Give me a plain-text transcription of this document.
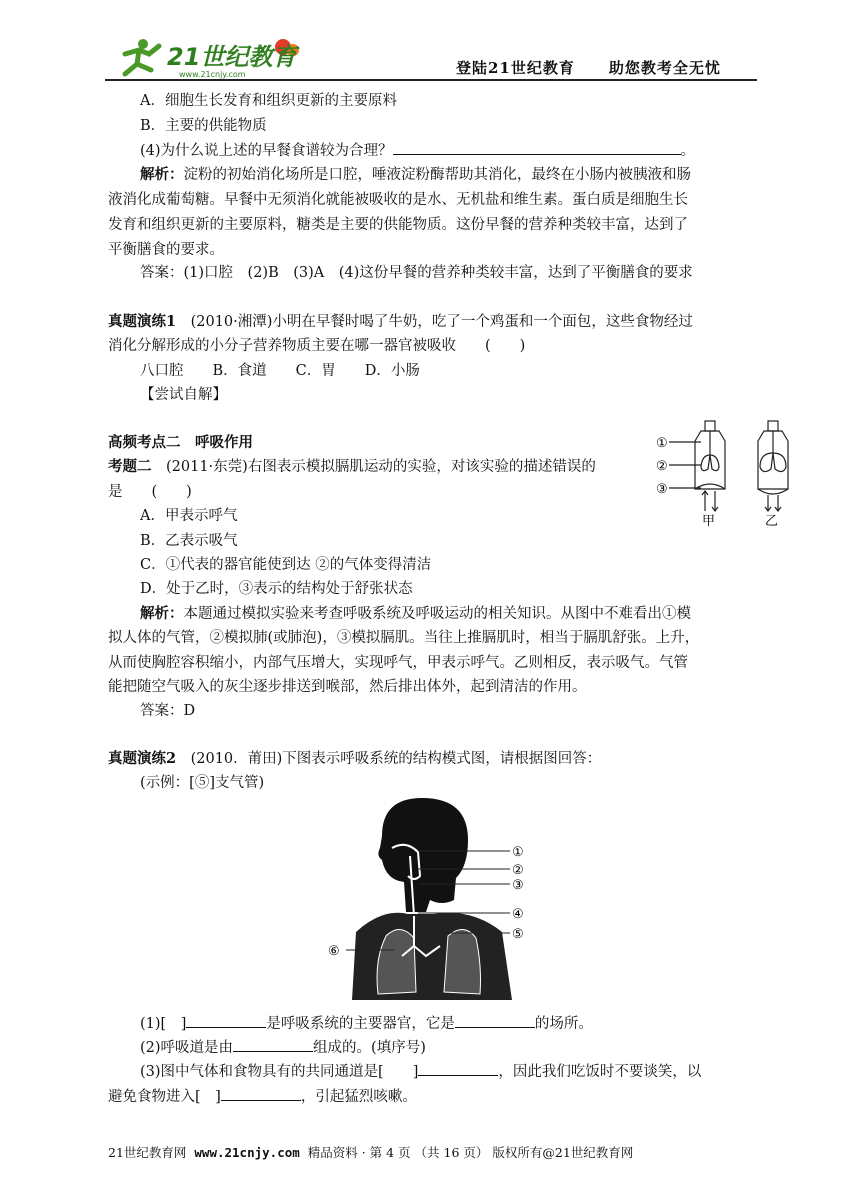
21世纪教育
www.21cnjy.com	登陆21世纪教育 助您教考全无忧
A．细胞生长发育和组织更新的主要原料
B．主要的供能物质
(4)为什么说上述的早餐食谱较为合理？	。
解析：淀粉的初始消化场所是口腔，唾液淀粉酶帮助其消化，最终在小肠内被胰液和肠
液消化成葡萄糖。早餐中无须消化就能被吸收的是水、无机盐和维生素。蛋白质是细胞生长
发育和组织更新的主要原料，糖类是主要的供能物质。这份早餐的营养种类较丰富，达到了
平衡膳食的要求。
答案：(1)口腔　(2)B　(3)A　(4)这份早餐的营养种类较丰富，达到了平衡膳食的要求
真题演练1　 (2010·湘潭)小明在早餐时喝了牛奶，吃了一个鸡蛋和一个面包，这些食物经过
消化分解形成的小分子营养物质主要在哪一器官被吸收　　(　　)
八口腔　　B．食道　　C．胃　　D．小肠
【尝试自解】
高频考点二　呼吸作用
考题二　 (2011·东莞)右图表示模拟膈肌运动的实验，对该实验的描述错误的
是　　(　　)
A．甲表示呼气
B．乙表示吸气
C．①代表的器官能使到达 ②的气体变得清洁
D．处于乙时，③表示的结构处于舒张状态
解析：本题通过模拟实验来考查呼吸系统及呼吸运动的相关知识。从图中不难看出①模
拟人体的气管，②模拟肺(或肺泡)，③模拟膈肌。当往上推膈肌时，相当于膈肌舒张。上升，
从而使胸腔容积缩小，内部气压增大，实现呼气，甲表示呼气。乙则相反，表示吸气。气管
能把随空气吸入的灰尘逐步排送到喉部，然后排出体外，起到清洁的作用。
答案：D
①
②
③
甲	乙
真题演练2　 (2010．莆田)下图表示呼吸系统的结构模式图，请根据图回答：
(示例：[⑤]支气管)
①
②
③
④
⑤
⑥
(1)[　]	是呼吸系统的主要器官，它是	的场所。
(2)呼吸道是由	组成的。(填序号)
(3)图中气体和食物具有的共同通道是[　　]	，因此我们吃饭时不要谈笑，以
避免食物进入[　]	，引起猛烈咳嗽。
21世纪教育网 www.21cnjy.com 精品资料 · 第 4 页 （共 16 页） 版权所有@21世纪教育网
